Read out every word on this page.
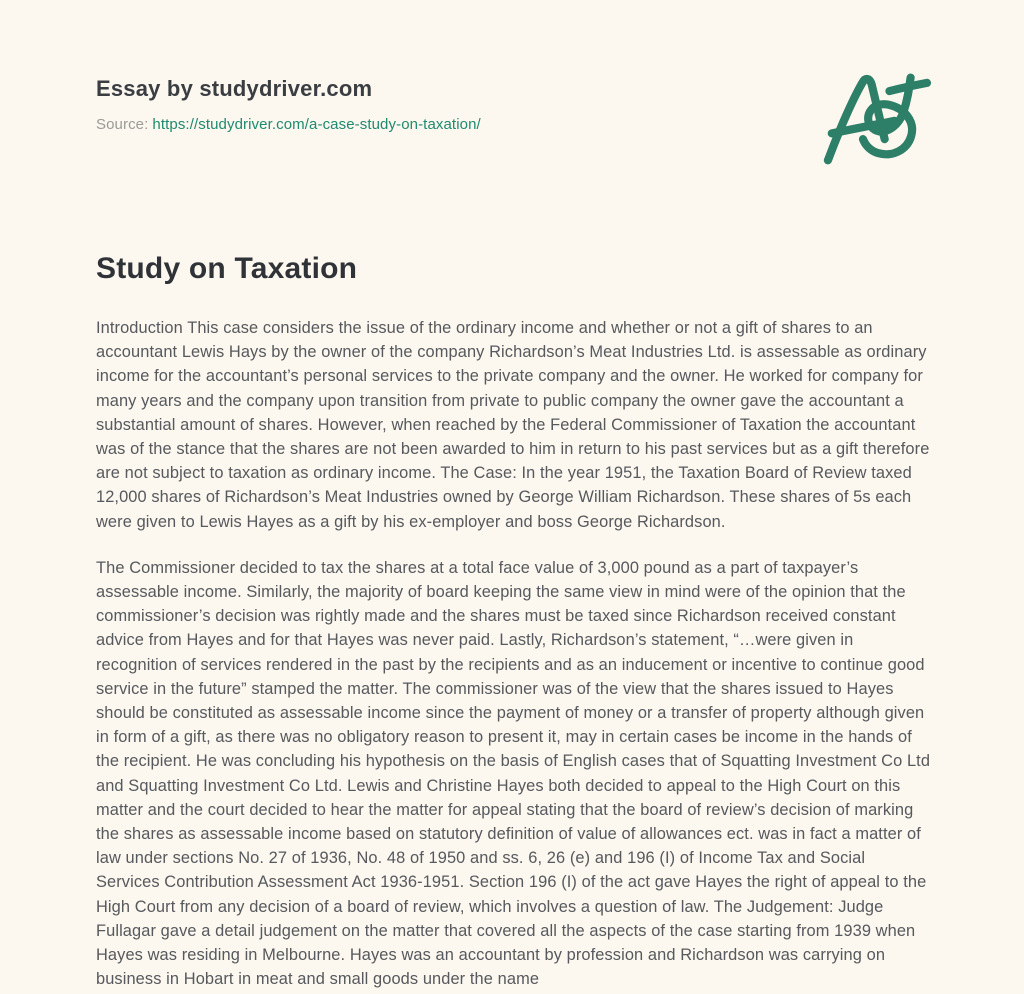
Essay by studydriver.com
Source: https://studydriver.com/a-case-study-on-taxation/
Study on Taxation

Introduction This case considers the issue of the ordinary income and whether or not a gift of shares to an accountant Lewis Hays by the owner of the company Richardson’s Meat Industries Ltd. is assessable as ordinary income for the accountant’s personal services to the private company and the owner. He worked for company for many years and the company upon transition from private to public company the owner gave the accountant a substantial amount of shares. However, when reached by the Federal Commissioner of Taxation the accountant was of the stance that the shares are not been awarded to him in return to his past services but as a gift therefore are not subject to taxation as ordinary income. The Case: In the year 1951, the Taxation Board of Review taxed 12,000 shares of Richardson’s Meat Industries owned by George William Richardson. These shares of 5s each were given to Lewis Hayes as a gift by his ex-employer and boss George Richardson.

The Commissioner decided to tax the shares at a total face value of 3,000 pound as a part of taxpayer’s assessable income. Similarly, the majority of board keeping the same view in mind were of the opinion that the commissioner’s decision was rightly made and the shares must be taxed since Richardson received constant advice from Hayes and for that Hayes was never paid. Lastly, Richardson’s statement, “…were given in recognition of services rendered in the past by the recipients and as an inducement or incentive to continue good service in the future” stamped the matter. The commissioner was of the view that the shares issued to Hayes should be constituted as assessable income since the payment of money or a transfer of property although given in form of a gift, as there was no obligatory reason to present it, may in certain cases be income in the hands of the recipient. He was concluding his hypothesis on the basis of English cases that of Squatting Investment Co Ltd and Squatting Investment Co Ltd. Lewis and Christine Hayes both decided to appeal to the High Court on this matter and the court decided to hear the matter for appeal stating that the board of review’s decision of marking the shares as assessable income based on statutory definition of value of allowances ect. was in fact a matter of law under sections No. 27 of 1936, No. 48 of 1950 and ss. 6, 26 (e) and 196 (I) of Income Tax and Social Services Contribution Assessment Act 1936-1951. Section 196 (I) of the act gave Hayes the right of appeal to the High Court from any decision of a board of review, which involves a question of law. The Judgement: Judge Fullagar gave a detail judgement on the matter that covered all the aspects of the case starting from 1939 when Hayes was residing in Melbourne. Hayes was an accountant by profession and Richardson was carrying on business in Hobart in meat and small goods under the name
